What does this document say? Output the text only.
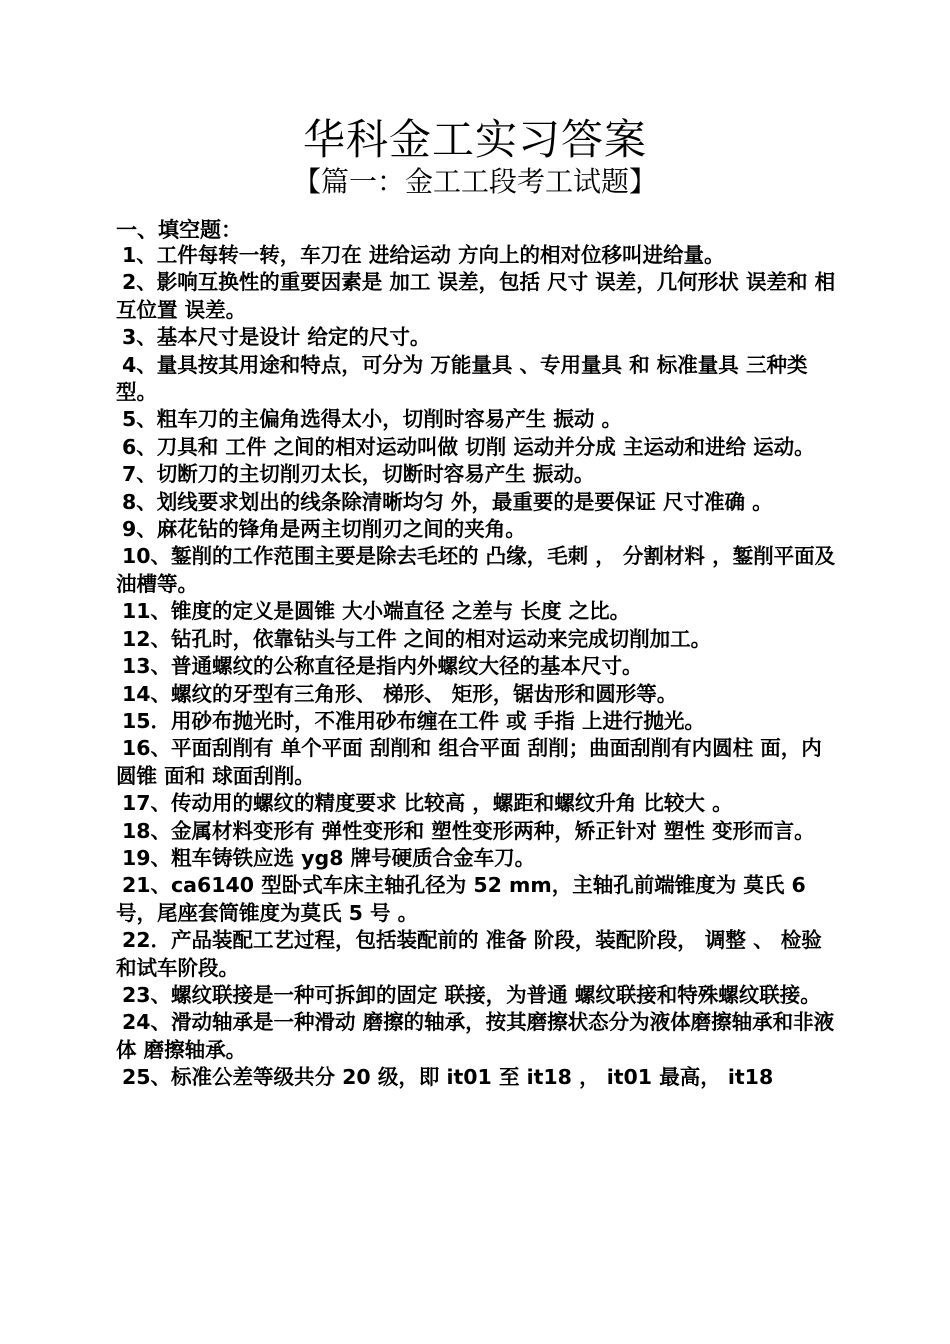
华科金工实习答案
【篇一：金工工段考工试题】
一、填空题：

1、工件每转一转，车刀在 进给运动 方向上的相对位移叫进给量。

2、影响互换性的重要因素是 加工 误差，包括 尺寸 误差，几何形状 误差和 相互位置 误差。

3、基本尺寸是设计 给定的尺寸。

4、量具按其用途和特点，可分为 万能量具 、专用量具 和 标准量具 三种类型。

5、粗车刀的主偏角选得太小，切削时容易产生 振动 。

6、刀具和 工件 之间的相对运动叫做 切削 运动并分成 主运动和进给 运动。

7、切断刀的主切削刃太长，切断时容易产生 振动。

8、划线要求划出的线条除清晰均匀 外，最重要的是要保证 尺寸准确 。

9、麻花钻的锋角是两主切削刃之间的夹角。

10、錾削的工作范围主要是除去毛坯的 凸缘，毛刺 ， 分割材料 ，錾削平面及油槽等。

11、锥度的定义是圆锥 大小端直径 之差与 长度 之比。

12、钻孔时，依靠钻头与工件 之间的相对运动来完成切削加工。

13、普通螺纹的公称直径是指内外螺纹大径的基本尺寸。

14、螺纹的牙型有三角形、 梯形、 矩形，锯齿形和圆形等。

15．用砂布抛光时，不准用砂布缠在工件 或 手指 上进行抛光。

16、平面刮削有 单个平面 刮削和 组合平面 刮削；曲面刮削有内圆柱 面，内圆锥 面和 球面刮削。

17、传动用的螺纹的精度要求 比较高 ，螺距和螺纹升角 比较大 。

18、金属材料变形有 弹性变形和 塑性变形两种，矫正针对 塑性 变形而言。

19、粗车铸铁应选 yg8 牌号硬质合金车刀。

21、ca6140 型卧式车床主轴孔径为 52 mm，主轴孔前端锥度为 莫氏 6 号，尾座套筒锥度为莫氏 5 号 。

22．产品装配工艺过程，包括装配前的 准备 阶段，装配阶段， 调整 、 检验和试车阶段。

23、螺纹联接是一种可拆卸的固定 联接，为普通 螺纹联接和特殊螺纹联接。

24、滑动轴承是一种滑动 磨擦的轴承，按其磨擦状态分为液体磨擦轴承和非液体 磨擦轴承。

25、标准公差等级共分 20 级，即 it01 至 it18 ， it01 最高， it18
